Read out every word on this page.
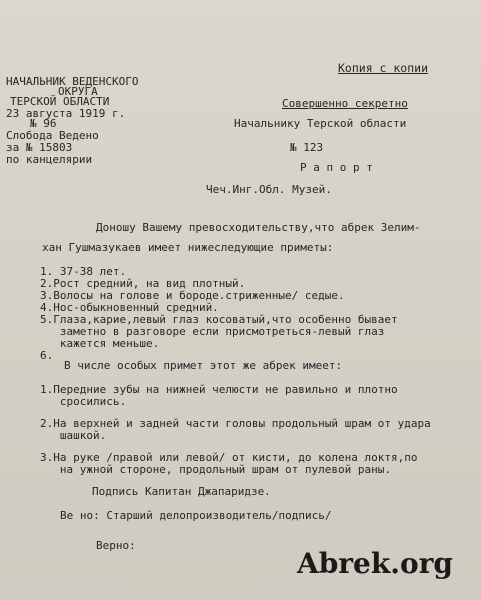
Копия с копии
НАЧАЛЬНИК ВЕДЕНСКОГО
ОКРУГА
ТЕРСКОЙ ОБЛАСТИ
23 августа 1919 г.
№ 96
Слобода Ведено
за № 15803
по канцелярии
Совершенно секретно
Начальнику Терской области
№ 123
Р а п о р т
Чеч.Инг.Обл. Музей.
Доношу Вашему превосходительству,что абрек Зелим-
хан Гушмазукаев имеет нижеследующие приметы:
1. 37-38 лет.
2.Рост средний, на вид плотный.
3.Волосы на голове и бороде.стриженные/ седые.
4.Нос-обыкновенный средний.
5.Глаза,карие,левый глаз косоватый,что особенно бывает
заметно в разговоре если присмотреться-левый глаз
кажется меньше.
6.
В числе особых примет этот же абрек имеет:
1.Передние зубы на нижней челюсти не равильно и плотно
сросились.
2.На верхней и задней части головы продольный шрам от удара
шашкой.
3.На руке /правой или левой/ от кисти, до колена локтя,по
на ужной стороне, продольный шрам от пулевой раны.
Подпись Капитан Джапаридзе.
Ве но: Старший делопроизводитель/подпись/
Верно:
Abrek.org
